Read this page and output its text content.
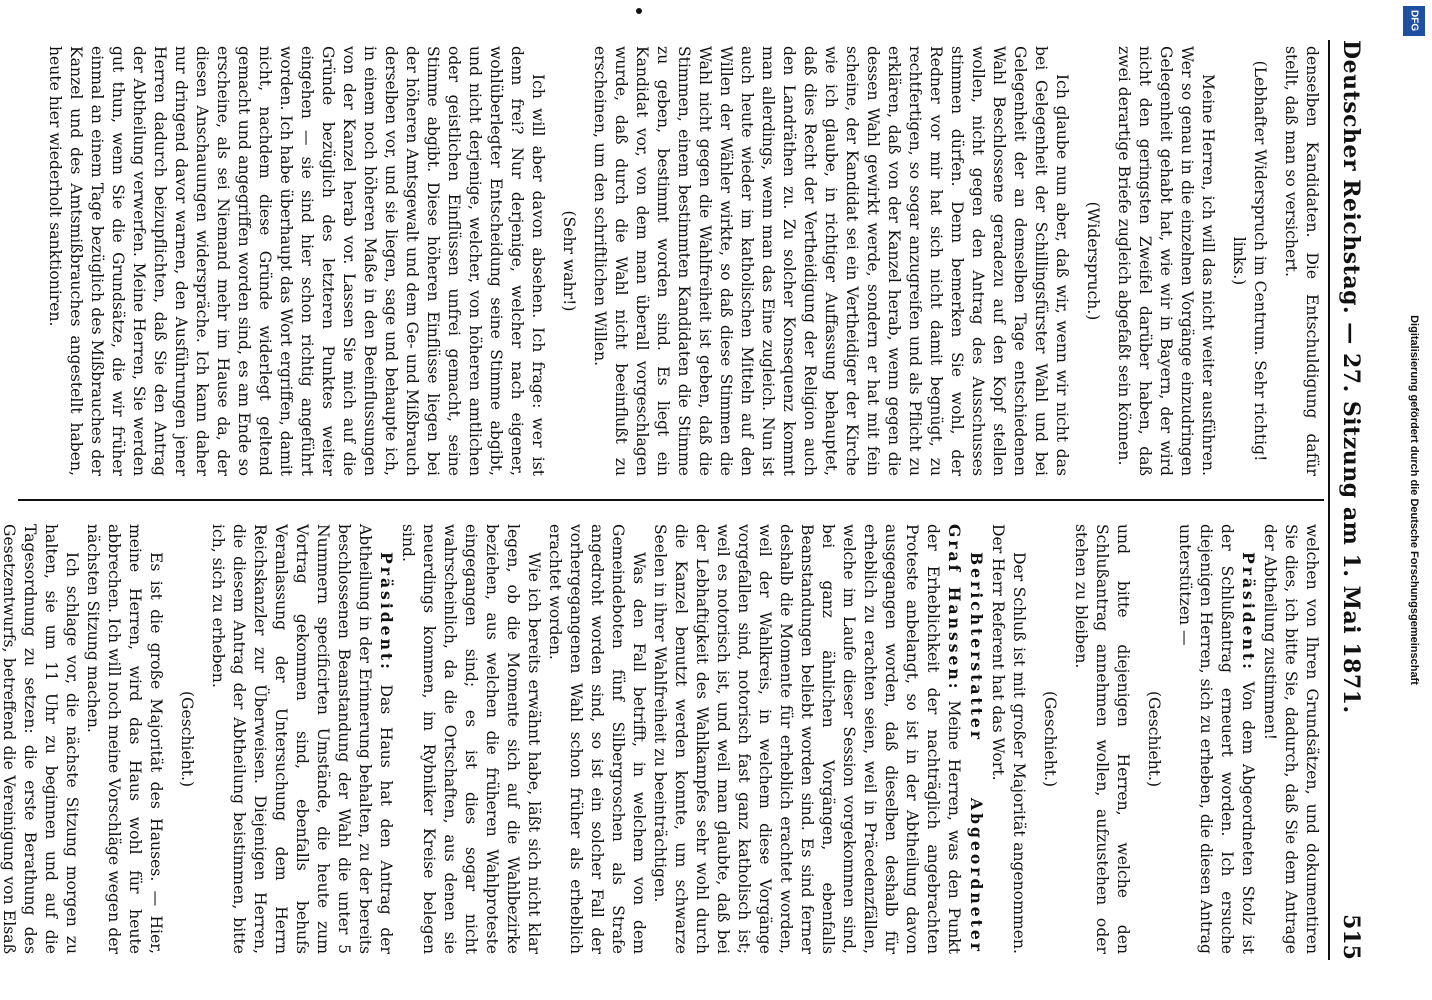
Deutscher Reichstag. — 27. Sitzung am 1. Mai 1871.
515

denselben Kandidaten. Die Entschuldigung dafür stellt, daß man so versichert.

(Lebhafter Widerspruch im Centrum. Sehr richtig! links.)

Meine Herren, ich will das nicht weiter ausführen. Wer so genau in die einzelnen Vorgänge einzudringen Gelegenheit gehabt hat, wie wir in Bayern, der wird nicht den geringsten Zweifel darüber haben, daß zwei derartige Briefe zugleich abgefaßt sein können.

(Widerspruch.)

Ich glaube nun aber, daß wir, wenn wir nicht das bei Gelegenheit der Schillingsfürster Wahl und bei Gelegenheit der an demselben Tage entschiedenen Wahl Beschlossene geradezu auf den Kopf stellen wollen, nicht gegen den Antrag des Ausschusses stimmen dürfen. Denn bemerken Sie wohl, der Redner vor mir hat sich nicht damit begnügt, zu rechtfertigen, so sogar anzugreifen und als Pflicht zu erklären, daß von der Kanzel herab, wenn gegen die dessen Wahl gewirkt werde, sondern er hat mit fein scheine, der Kandidat sei ein Vertheidiger der Kirche wie ich glaube, in richtiger Auffassung behauptet, daß dies Recht der Vertheidigung der Religion auch den Landräthen zu. Zu solcher Konsequenz kommt man allerdings, wenn man das Eine zugleich. Nun ist auch heute wieder im katholischen Mitteln auf den Willen der Wähler wirkte, so daß diese Stimmen die Wahl nicht gegen die Wahlfreiheit ist geben, daß die Stimmen, einem bestimmten Kandidaten die Stimme zu geben, bestimmt worden sind. Es liegt ein Kandidat vor, von dem man überall vorgeschlagen wurde, daß durch die Wahl nicht beeinflußt zu erscheinen, um den schriftlichen Willen.

(Sehr wahr!)

Ich will aber davon absehen. Ich frage: wer ist denn frei? Nur derjenige, welcher nach eigener, wohlüberlegter Entscheidung seine Stimme abgibt, und nicht derjenige, welcher, von höheren amtlichen oder geistlichen Einflüssen unfrei gemacht, seine Stimme abgibt. Diese höheren Einflüsse liegen bei der höheren Amtsgewalt und dem Ge- und Mißbrauch derselben vor, und sie liegen, sage und behaupte ich, in einem noch höheren Maße in den Beeinflussungen von der Kanzel herab vor. Lassen Sie mich auf die Gründe bezüglich des letzteren Punktes weiter eingehen — sie sind hier schon richtig angeführt worden. Ich habe überhaupt das Wort ergriffen, damit nicht, nachdem diese Gründe widerlegt geltend gemacht und angegriffen worden sind, es am Ende so erscheine, als sei Niemand mehr im Hause da, der diesen Anschauungen widerspräche. Ich kann daher nur dringend davor warnen, den Ausführungen jener Herren dadurch beizupflichten, daß Sie den Antrag der Abtheilung verwerfen. Meine Herren, Sie werden gut thun, wenn Sie die Grundsätze, die wir früher einmal an einem Tage bezüglich des Mißbrauches der Kanzel und des Amtsmißbrauches angestellt haben, heute hier wiederholt sanktioniren.

welchen von Ihren Grundsätzen, und dokumentiren Sie dies, ich bitte Sie, dadurch, daß Sie dem Antrage der Abtheilung zustimmen!

Präsident: Von dem Abgeordneten Stolz ist der Schlußantrag erneuert worden. Ich ersuche diejenigen Herren, sich zu erheben, die diesen Antrag unterstützen —

(Geschieht.)

und bitte diejenigen Herren, welche den Schlußantrag annehmen wollen, aufzustehen oder stehen zu bleiben.

(Geschieht.)

Der Schluß ist mit großer Majorität angenommen. Der Herr Referent hat das Wort.

Berichterstatter Abgeordneter Graf Hanssen: Meine Herren, was den Punkt der Erheblichkeit der nachträglich angebrachten Proteste anbelangt, so ist in der Abtheilung davon ausgegangen worden, daß dieselben deshalb für erheblich zu erachten seien, weil in Präcedenzfällen, welche im Laufe dieser Session vorgekommen sind, bei ganz ähnlichen Vorgängen, ebenfalls Beanstandungen beliebt worden sind. Es sind ferner deshalb die Momente für erheblich erachtet worden, weil der Wahlkreis, in welchem diese Vorgänge vorgefallen sind, notorisch fast ganz katholisch ist; weil es notorisch ist, und weil man glaubte, daß bei der Lebhaftigkeit des Wahlkampfes sehr wohl durch die Kanzel benutzt werden konnte, um schwarze Seelen in ihrer Wahlfreiheit zu beeinträchtigen.

Was den Fall betrifft, in welchem von dem Gemeindeboten fünf Silbergroschen als Strafe angedroht worden sind, so ist ein solcher Fall der vorhergegangenen Wahl schon früher als erheblich erachtet worden.

Wie ich bereits erwähnt habe, läßt sich nicht klar legen, ob die Momente sich auf die Wahlbezirke beziehen, aus welchen die früheren Wahlproteste eingegangen sind; es ist dies sogar nicht wahrscheinlich, da die Ortschaften, aus denen sie neuerdings kommen, im Rybniker Kreise belegen sind.

Präsident: Das Haus hat den Antrag der Abtheilung in der Erinnerung behalten, zu der bereits beschlossenen Beanstandung der Wahl die unter 5 Nummern specificirten Umstände, die heute zum Vortrag gekommen sind, ebenfalls behufs Veranlassung der Untersuchung dem Herrn Reichskanzler zur Überweisen. Diejenigen Herren, die diesem Antrag der Abtheilung beistimmen, bitte ich, sich zu erheben.

(Geschieht.)

Es ist die große Majorität des Hauses. — Hier, meine Herren, wird das Haus wohl für heute abbrechen. Ich will noch meine Vorschläge wegen der nächsten Sitzung machen.

Ich schlage vor, die nächste Sitzung morgen zu halten, sie um 11 Uhr zu beginnen und auf die Tagesordnung zu setzen: die erste Berathung des Gesetzentwurfs, betreffend die Vereinigung von Elsaß

DFG
Digitalisierung gefördert durch die Deutsche Forschungsgemeinschaft
